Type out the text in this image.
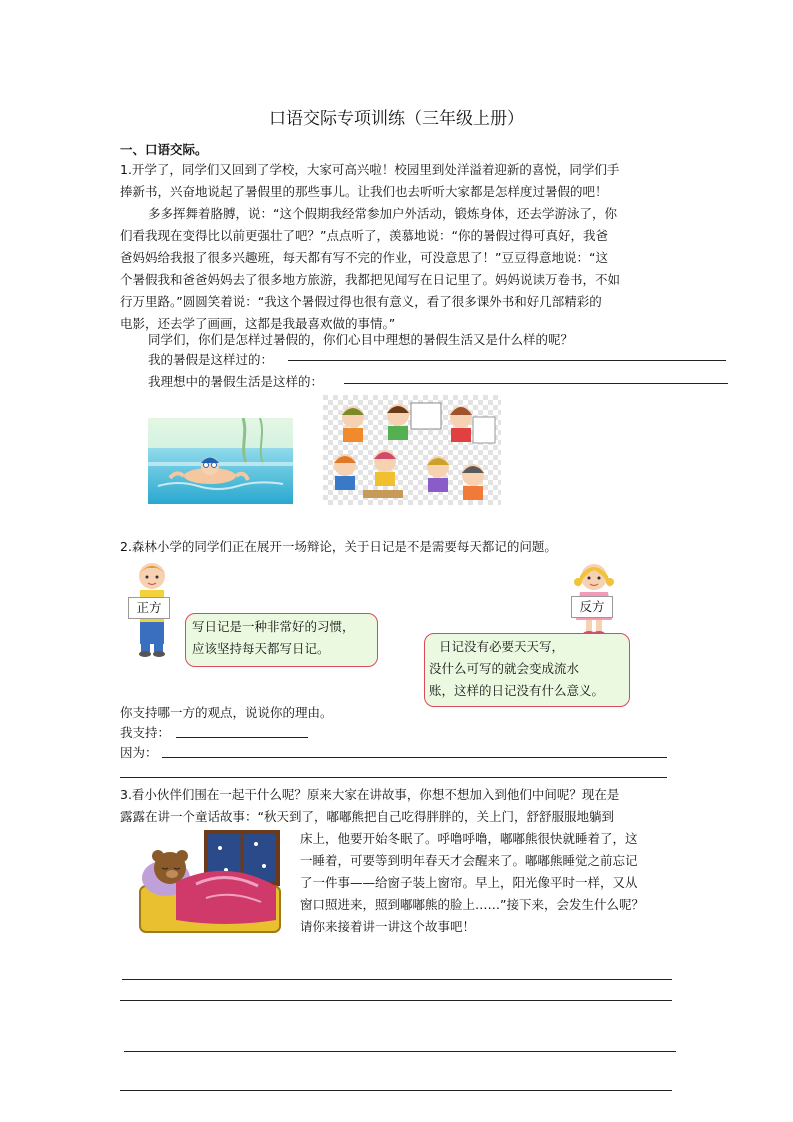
口语交际专项训练（三年级上册）
一、口语交际。
1.开学了，同学们又回到了学校，大家可高兴啦！校园里到处洋溢着迎新的喜悦，同学们手
捧新书，兴奋地说起了暑假里的那些事儿。让我们也去听听大家都是怎样度过暑假的吧！
多多挥舞着胳膊，说：“这个假期我经常参加户外活动，锻炼身体，还去学游泳了，你
们看我现在变得比以前更强壮了吧？”点点听了，羡慕地说：“你的暑假过得可真好，我爸
爸妈妈给我报了很多兴趣班，每天都有写不完的作业，可没意思了！”豆豆得意地说：“这
个暑假我和爸爸妈妈去了很多地方旅游，我都把见闻写在日记里了。妈妈说读万卷书，不如
行万里路。”圆圆笑着说：“我这个暑假过得也很有意义，看了很多课外书和好几部精彩的
电影，还去学了画画，这都是我最喜欢做的事情。”
同学们，你们是怎样过暑假的，你们心目中理想的暑假生活又是什么样的呢？
我的暑假是这样过的：
我理想中的暑假生活是这样的：
2.森林小学的同学们正在展开一场辩论，关于日记是不是需要每天都记的问题。
正方	反方
写日记是一种非常好的习惯，
应该坚持每天都写日记。	日记没有必要天天写，
没什么可写的就会变成流水
账，这样的日记没有什么意义。
你支持哪一方的观点，说说你的理由。
我支持：
因为：
3.看小伙伴们围在一起干什么呢？原来大家在讲故事，你想不想加入到他们中间呢？现在是
露露在讲一个童话故事：“秋天到了，嘟嘟熊把自己吃得胖胖的，关上门，舒舒服服地躺到
床上，他要开始冬眠了。呼噜呼噜，嘟嘟熊很快就睡着了，这
一睡着，可要等到明年春天才会醒来了。嘟嘟熊睡觉之前忘记
了一件事——给窗子装上窗帘。早上，阳光像平时一样，又从
窗口照进来，照到嘟嘟熊的脸上……”接下来，会发生什么呢？
请你来接着讲一讲这个故事吧！
